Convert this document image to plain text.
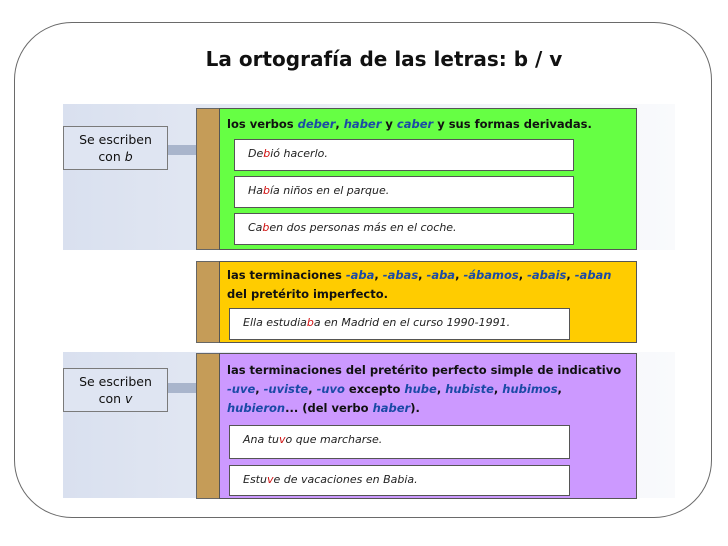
La ortografía de las letras: b / v
Se escriben
con b
Se escriben
con v
los verbos deber, haber y caber y sus formas derivadas.
Debió hacerlo.
Había niños en el parque.
Caben dos personas más en el coche.
las terminaciones -aba, -abas, -aba, -ábamos, -abais, -aban
del pretérito imperfecto.
Ella estudiaba en Madrid en el curso 1990-1991.
las terminaciones del pretérito perfecto simple de indicativo
-uve, -uviste, -uvo excepto hube, hubiste, hubimos,
hubieron... (del verbo haber).
Ana tuvo que marcharse.
Estuve de vacaciones en Babia.
